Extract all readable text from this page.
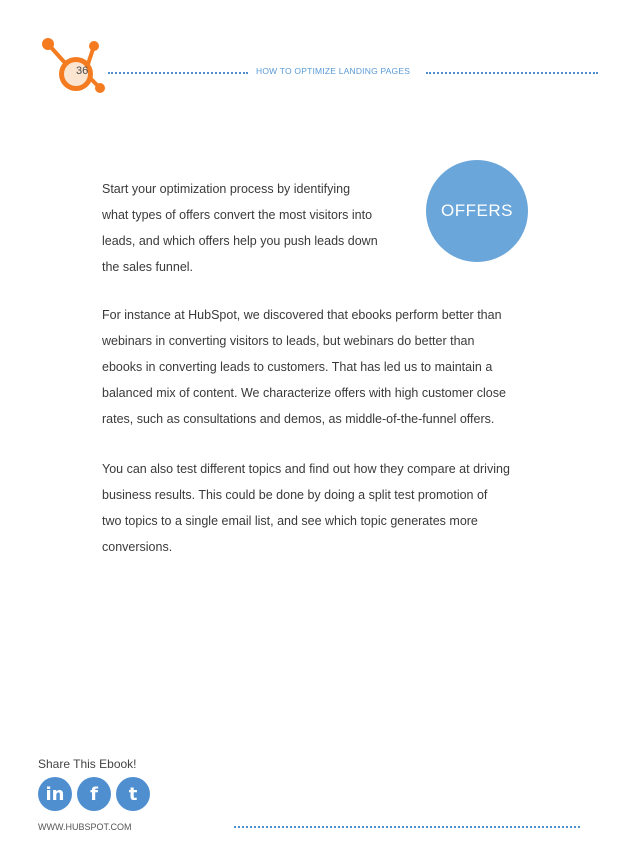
36	HOW TO OPTIMIZE LANDING PAGES

Start your optimization process by identifying

what types of offers convert the most visitors into

leads, and which offers help you push leads down

the sales funnel.

OFFERS

For instance at HubSpot, we discovered that ebooks perform better than

webinars in converting visitors to leads, but webinars do better than

ebooks in converting leads to customers. That has led us to maintain a

balanced mix of content. We characterize offers with high customer close

rates, such as consultations and demos, as middle-of-the-funnel offers.

You can also test different topics and find out how they compare at driving

business results. This could be done by doing a split test promotion of

two topics to a single email list, and see which topic generates more

conversions.

Share This Ebook!
in f t
WWW.HUBSPOT.COM
